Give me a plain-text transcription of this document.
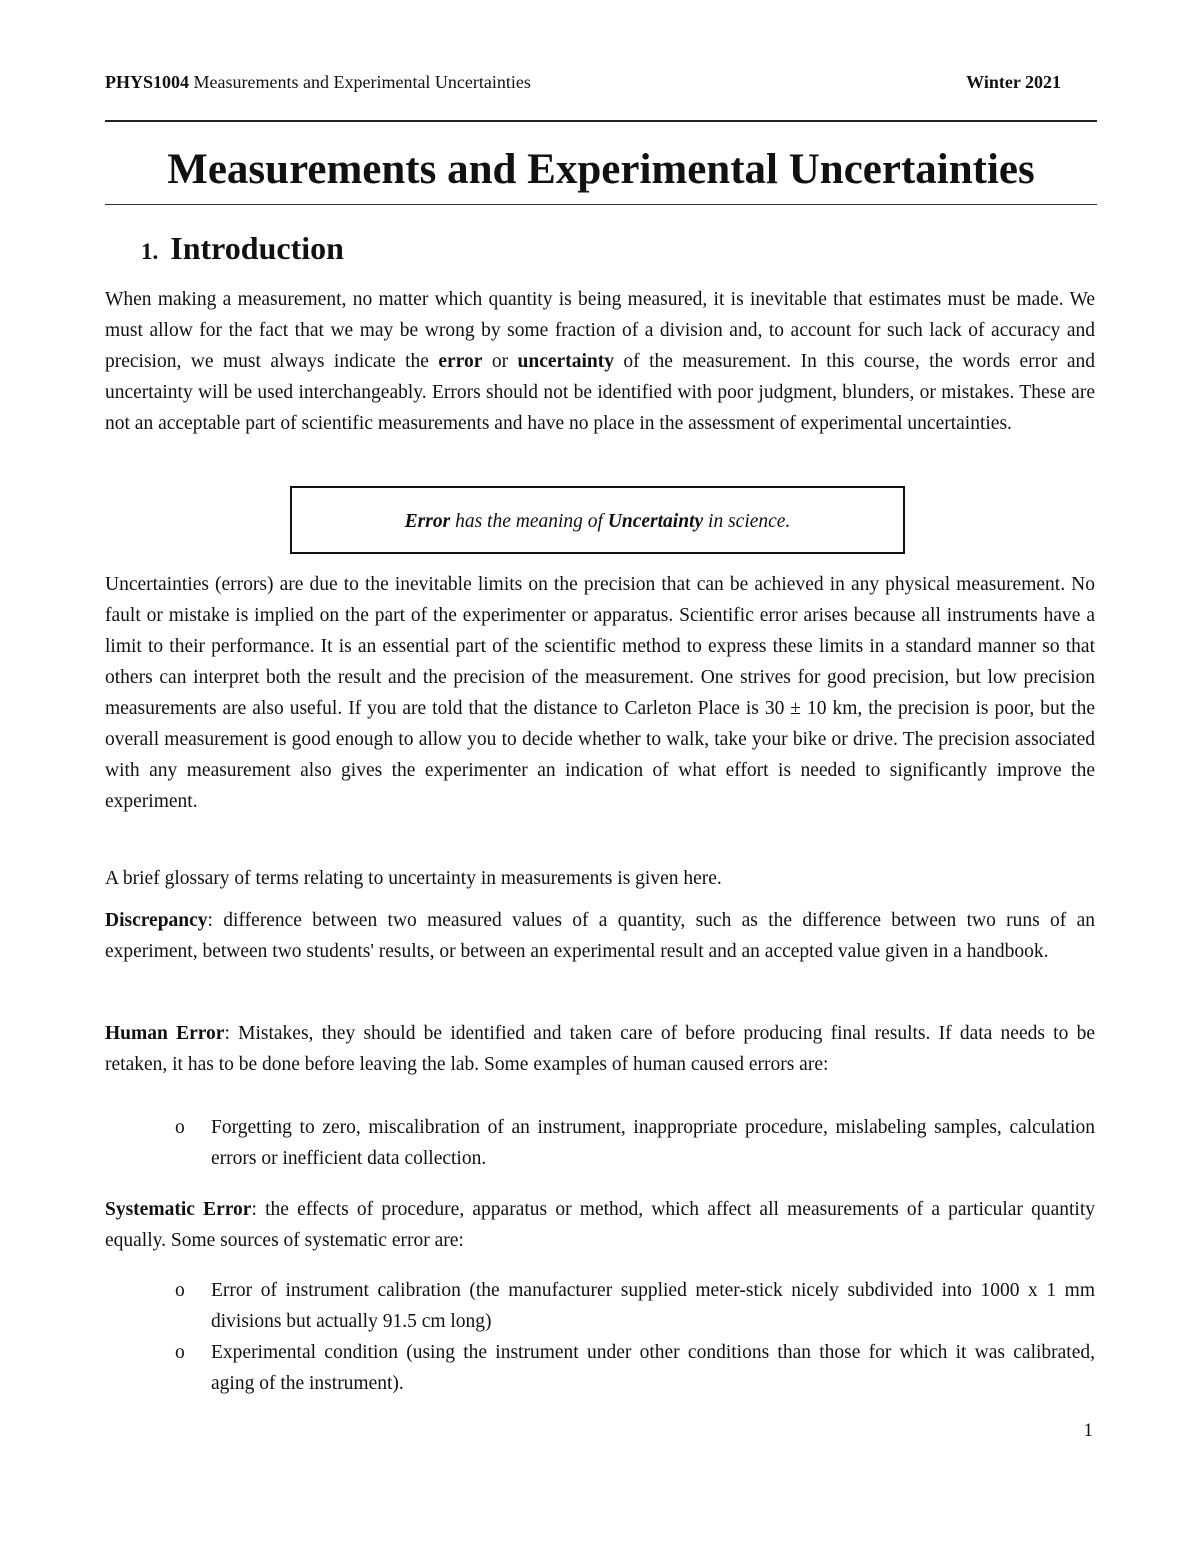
PHYS1004 Measurements and Experimental Uncertainties	Winter 2021
Measurements and Experimental Uncertainties
1. Introduction

When making a measurement, no matter which quantity is being measured, it is inevitable that estimates must be made. We must allow for the fact that we may be wrong by some fraction of a division and, to account for such lack of accuracy and precision, we must always indicate the error or uncertainty of the measurement. In this course, the words error and uncertainty will be used interchangeably. Errors should not be identified with poor judgment, blunders, or mistakes. These are not an acceptable part of scientific measurements and have no place in the assessment of experimental uncertainties.

Error has the meaning of Uncertainty in science.

Uncertainties (errors) are due to the inevitable limits on the precision that can be achieved in any physical measurement. No fault or mistake is implied on the part of the experimenter or apparatus. Scientific error arises because all instruments have a limit to their performance. It is an essential part of the scientific method to express these limits in a standard manner so that others can interpret both the result and the precision of the measurement. One strives for good precision, but low precision measurements are also useful. If you are told that the distance to Carleton Place is 30 ± 10 km, the precision is poor, but the overall measurement is good enough to allow you to decide whether to walk, take your bike or drive. The precision associated with any measurement also gives the experimenter an indication of what effort is needed to significantly improve the experiment.

A brief glossary of terms relating to uncertainty in measurements is given here.

Discrepancy: difference between two measured values of a quantity, such as the difference between two runs of an experiment, between two students' results, or between an experimental result and an accepted value given in a handbook.

Human Error: Mistakes, they should be identified and taken care of before producing final results. If data needs to be retaken, it has to be done before leaving the lab. Some examples of human caused errors are:

o Forgetting to zero, miscalibration of an instrument, inappropriate procedure, mislabeling samples, calculation errors or inefficient data collection.

Systematic Error: the effects of procedure, apparatus or method, which affect all measurements of a particular quantity equally. Some sources of systematic error are:

o Error of instrument calibration (the manufacturer supplied meter-stick nicely subdivided into 1000 x 1 mm divisions but actually 91.5 cm long)
o Experimental condition (using the instrument under other conditions than those for which it was calibrated, aging of the instrument).
1
